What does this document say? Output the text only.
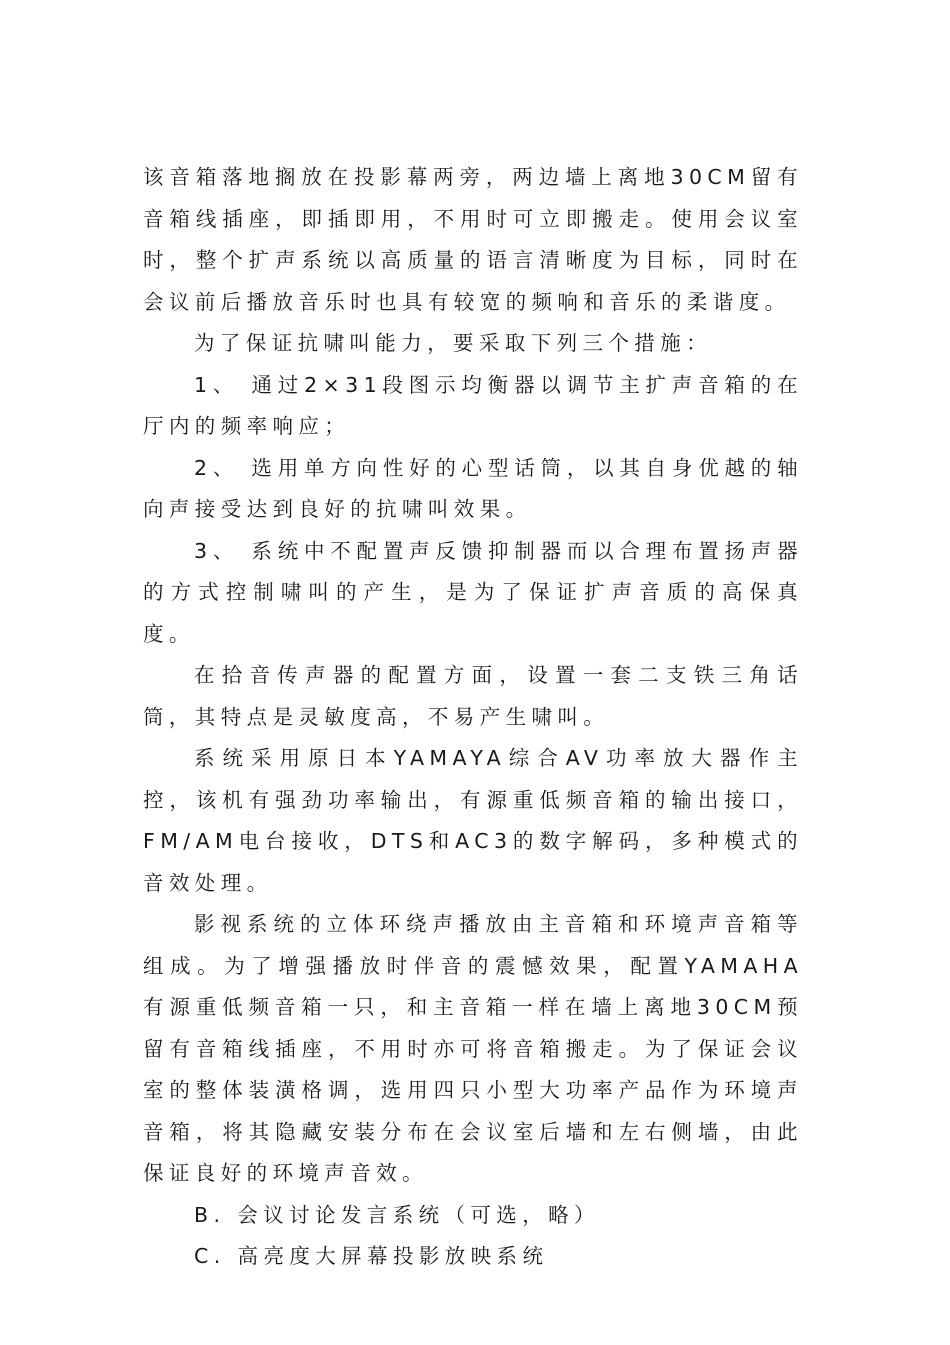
该音箱落地搁放在投影幕两旁，两边墙上离地30CM留有音箱线插座，即插即用，不用时可立即搬走。使用会议室时，整个扩声系统以高质量的语言清晰度为目标，同时在会议前后播放音乐时也具有较宽的频响和音乐的柔谐度。

为了保证抗啸叫能力，要采取下列三个措施：

1、 通过2×31段图示均衡器以调节主扩声音箱的在厅内的频率响应；

2、 选用单方向性好的心型话筒，以其自身优越的轴向声接受达到良好的抗啸叫效果。

3、 系统中不配置声反馈抑制器而以合理布置扬声器的方式控制啸叫的产生，是为了保证扩声音质的高保真度。

在拾音传声器的配置方面，设置一套二支铁三角话筒，其特点是灵敏度高，不易产生啸叫。

系统采用原日本YAMAYA综合AV功率放大器作主控，该机有强劲功率输出，有源重低频音箱的输出接口，FM/AM电台接收，DTS和AC3的数字解码，多种模式的音效处理。

影视系统的立体环绕声播放由主音箱和环境声音箱等组成。为了增强播放时伴音的震憾效果，配置YAMAHA有源重低频音箱一只，和主音箱一样在墙上离地30CM预留有音箱线插座，不用时亦可将音箱搬走。为了保证会议室的整体装潢格调，选用四只小型大功率产品作为环境声音箱，将其隐藏安装分布在会议室后墙和左右侧墙，由此保证良好的环境声音效。

B. 会议讨论发言系统（可选，略）

C. 高亮度大屏幕投影放映系统
